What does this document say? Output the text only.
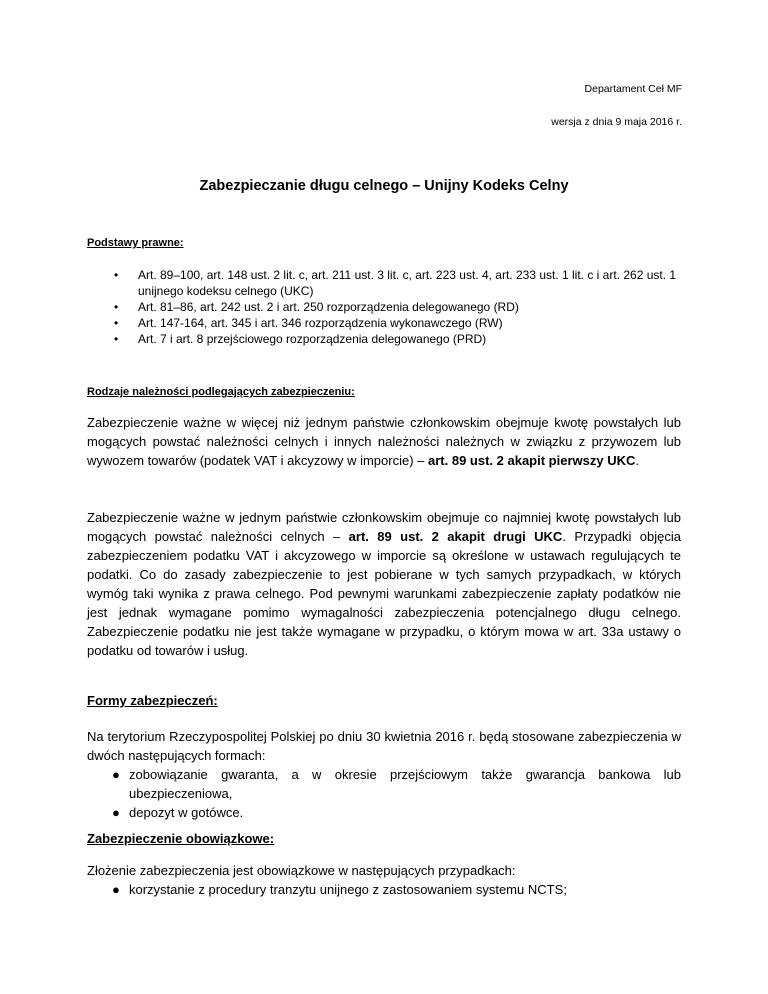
Departament Ceł MF
wersja z dnia 9 maja 2016 r.
Zabezpieczanie długu celnego – Unijny Kodeks Celny
Podstawy prawne:
• Art. 89–100, art. 148 ust. 2 lit. c, art. 211 ust. 3 lit. c, art. 223 ust. 4, art. 233 ust. 1 lit. c i art. 262 ust. 1 unijnego kodeksu celnego (UKC)
• Art. 81–86, art. 242 ust. 2 i art. 250 rozporządzenia delegowanego (RD)
• Art. 147-164, art. 345 i art. 346 rozporządzenia wykonawczego (RW)
• Art. 7 i art. 8 przejściowego rozporządzenia delegowanego (PRD)
Rodzaje należności podlegających zabezpieczeniu:

Zabezpieczenie ważne w więcej niż jednym państwie członkowskim obejmuje kwotę powstałych lub mogących powstać należności celnych i innych należności należnych w związku z przywozem lub wywozem towarów (podatek VAT i akcyzowy w imporcie) – art. 89 ust. 2 akapit pierwszy UKC.

Zabezpieczenie ważne w jednym państwie członkowskim obejmuje co najmniej kwotę powstałych lub mogących powstać należności celnych – art. 89 ust. 2 akapit drugi UKC. Przypadki objęcia zabezpieczeniem podatku VAT i akcyzowego w imporcie są określone w ustawach regulujących te podatki. Co do zasady zabezpieczenie to jest pobierane w tych samych przypadkach, w których wymóg taki wynika z prawa celnego. Pod pewnymi warunkami zabezpieczenie zapłaty podatków nie jest jednak wymagane pomimo wymagalności zabezpieczenia potencjalnego długu celnego. Zabezpieczenie podatku nie jest także wymagane w przypadku, o którym mowa w art. 33a ustawy o podatku od towarów i usług.

Formy zabezpieczeń:

Na terytorium Rzeczypospolitej Polskiej po dniu 30 kwietnia 2016 r. będą stosowane zabezpieczenia w dwóch następujących formach:

● zobowiązanie gwaranta, a w okresie przejściowym także gwarancja bankowa lub ubezpieczeniowa,
● depozyt w gotówce.
Zabezpieczenie obowiązkowe:

Złożenie zabezpieczenia jest obowiązkowe w następujących przypadkach:

● korzystanie z procedury tranzytu unijnego z zastosowaniem systemu NCTS;
